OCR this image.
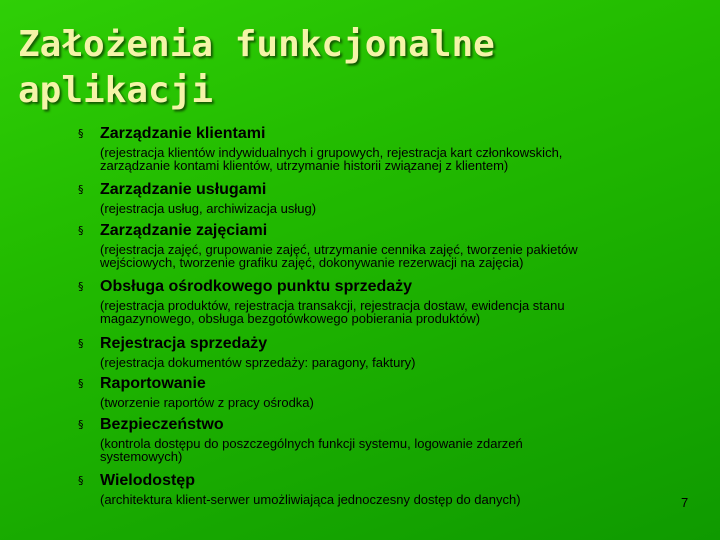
Założenia funkcjonalne
aplikacji
§ Zarządzanie klientami
(rejestracja klientów indywidualnych i grupowych, rejestracja kart członkowskich,
zarządzanie kontami klientów, utrzymanie historii związanej z klientem)
§ Zarządzanie usługami
(rejestracja usług, archiwizacja usług)
§ Zarządzanie zajęciami
(rejestracja zajęć, grupowanie zajęć, utrzymanie cennika zajęć, tworzenie pakietów
wejściowych, tworzenie grafiku zajęć, dokonywanie rezerwacji na zajęcia)
§ Obsługa ośrodkowego punktu sprzedaży
(rejestracja produktów, rejestracja transakcji, rejestracja dostaw, ewidencja stanu
magazynowego, obsługa bezgotówkowego pobierania produktów)
§ Rejestracja sprzedaży
(rejestracja dokumentów sprzedaży: paragony, faktury)
§ Raportowanie
(tworzenie raportów z pracy ośrodka)
§ Bezpieczeństwo
(kontrola dostępu do poszczególnych funkcji systemu, logowanie zdarzeń
systemowych)
§ Wielodostęp
(architektura klient-serwer umożliwiająca jednoczesny dostęp do danych)	7
